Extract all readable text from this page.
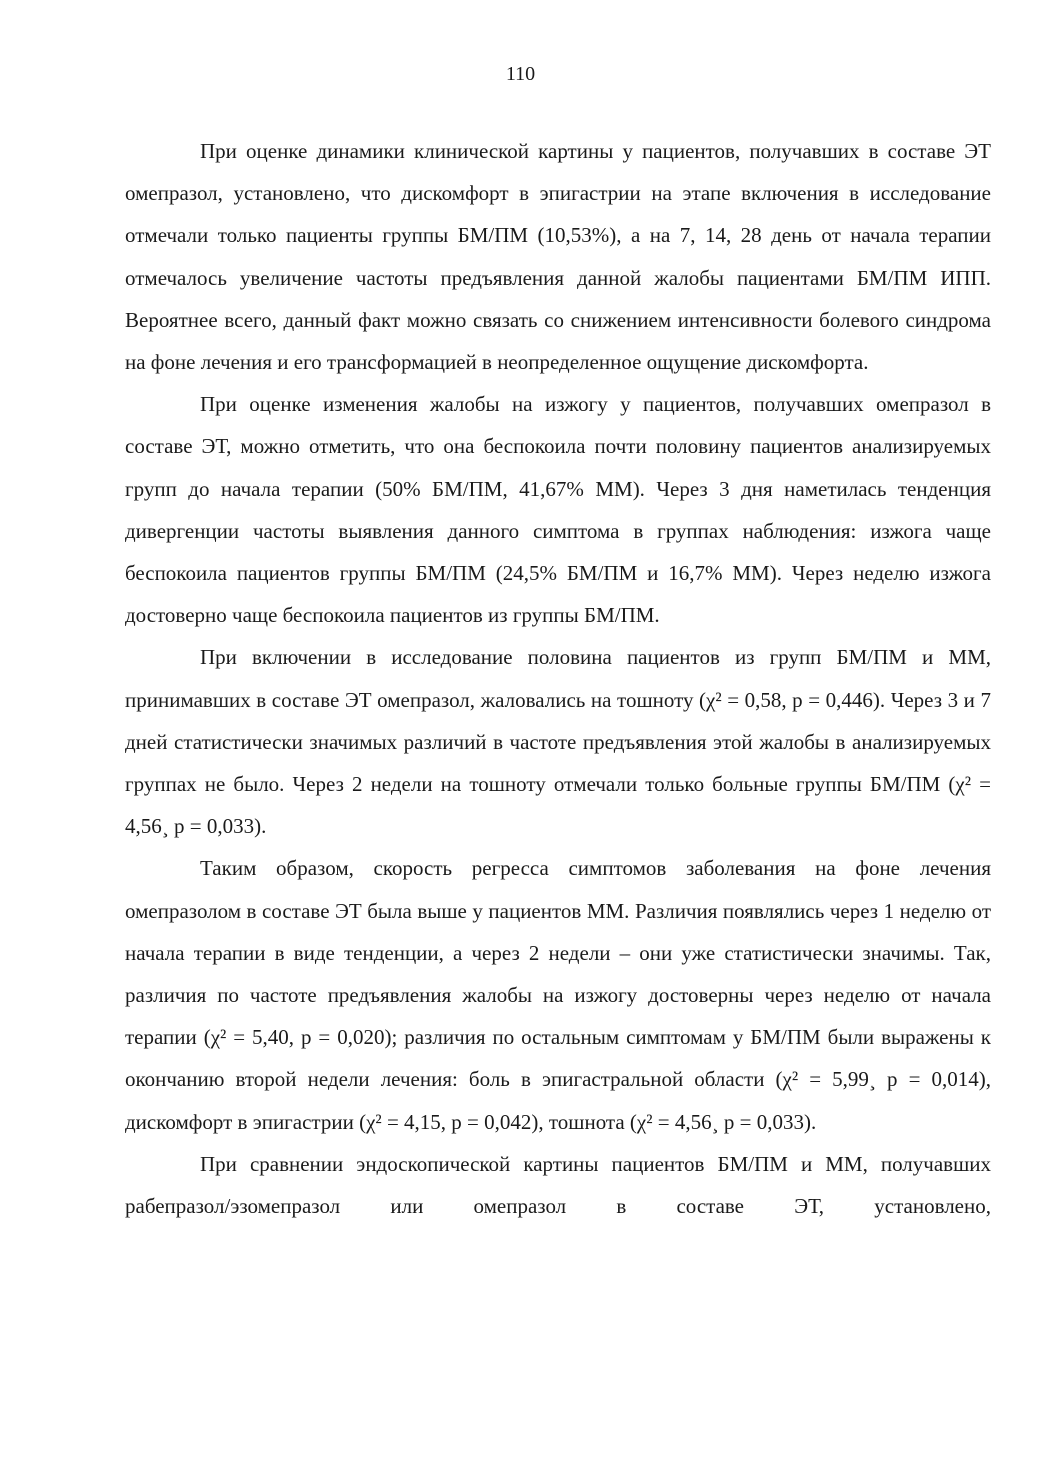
110

При оценке динамики клинической картины у пациентов, получавших в составе ЭТ омепразол, установлено, что дискомфорт в эпигастрии на этапе включения в исследование отмечали только пациенты группы БМ/ПМ (10,53%), а на 7, 14, 28 день от начала терапии отмечалось увеличение частоты предъявления данной жалобы пациентами БМ/ПМ ИПП. Вероятнее всего, данный факт можно связать со снижением интенсивности болевого синдрома на фоне лечения и его трансформацией в неопределенное ощущение дискомфорта.

При оценке изменения жалобы на изжогу у пациентов, получавших омепразол в составе ЭТ, можно отметить, что она беспокоила почти половину пациентов анализируемых групп до начала терапии (50% БМ/ПМ, 41,67% ММ). Через 3 дня наметилась тенденция дивергенции частоты выявления данного симптома в группах наблюдения: изжога чаще беспокоила пациентов группы БМ/ПМ (24,5% БМ/ПМ и 16,7% ММ). Через неделю изжога достоверно чаще беспокоила пациентов из группы БМ/ПМ.

При включении в исследование половина пациентов из групп БМ/ПМ и ММ, принимавших в составе ЭТ омепразол, жаловались на тошноту (χ² = 0,58, р = 0,446). Через 3 и 7 дней статистически значимых различий в частоте предъявления этой жалобы в анализируемых группах не было. Через 2 недели на тошноту отмечали только больные группы БМ/ПМ (χ² = 4,56¸ р = 0,033).

Таким образом, скорость регресса симптомов заболевания на фоне лечения омепразолом в составе ЭТ была выше у пациентов ММ. Различия появлялись через 1 неделю от начала терапии в виде тенденции, а через 2 недели – они уже статистически значимы. Так, различия по частоте предъявления жалобы на изжогу достоверны через неделю от начала терапии (χ² = 5,40, р = 0,020); различия по остальным симптомам у БМ/ПМ были выражены к окончанию второй недели лечения: боль в эпигастральной области (χ² = 5,99¸ р = 0,014), дискомфорт в эпигастрии (χ² = 4,15, р = 0,042), тошнота (χ² = 4,56¸ р = 0,033).

При сравнении эндоскопической картины пациентов БМ/ПМ и ММ, получавших рабепразол/эзомепразол или омепразол в составе ЭТ, установлено,
